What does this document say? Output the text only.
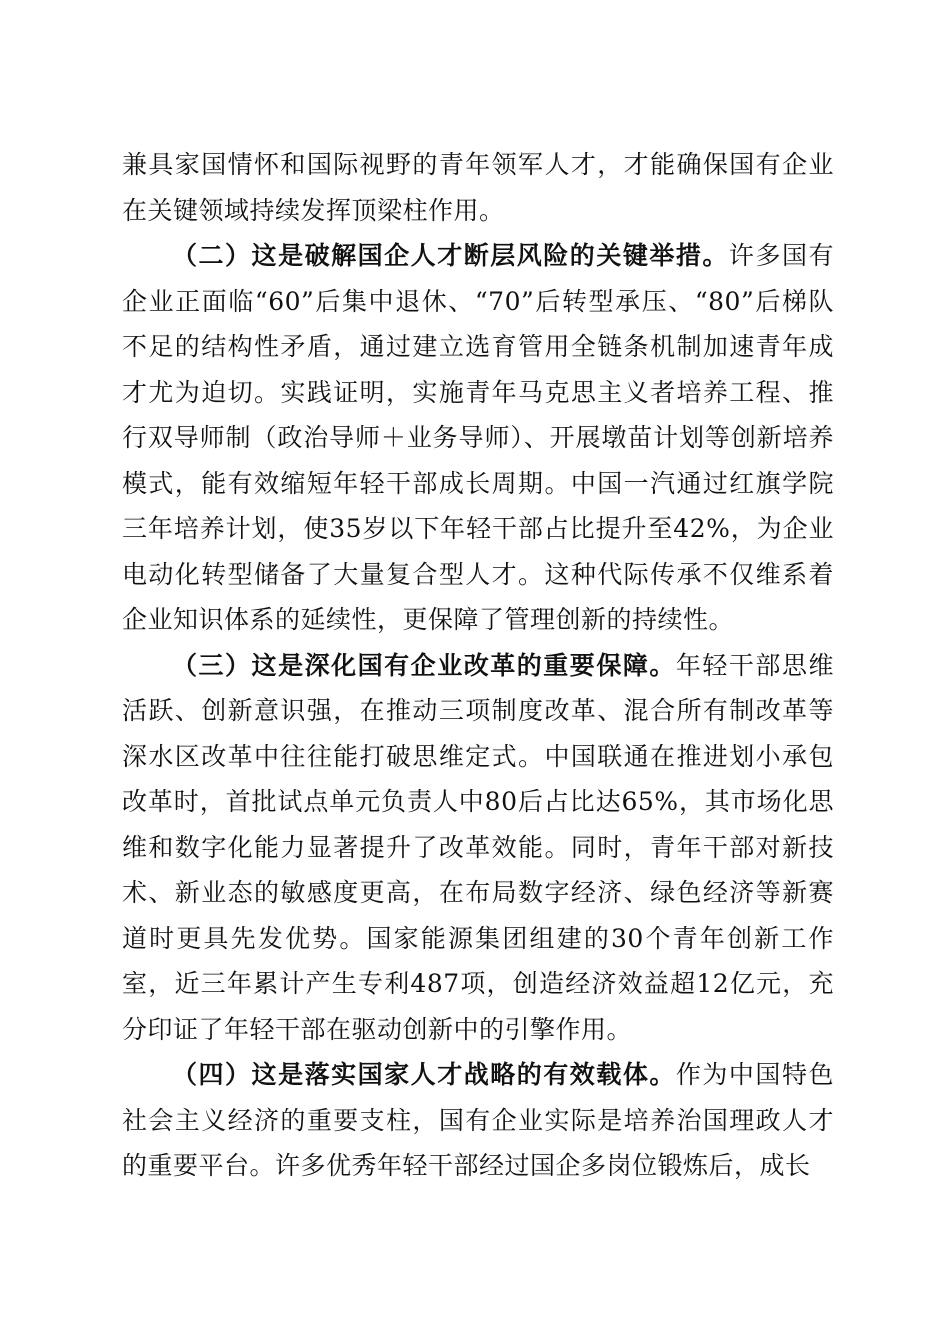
兼具家国情怀和国际视野的青年领军人才，才能确保国有企业在关键领域持续发挥顶梁柱作用。

（二）这是破解国企人才断层风险的关键举措。许多国有企业正面临“60”后集中退休、“70”后转型承压、“80”后梯队不足的结构性矛盾，通过建立选育管用全链条机制加速青年成才尤为迫切。实践证明，实施青年马克思主义者培养工程、推行双导师制（政治导师＋业务导师）、开展墩苗计划等创新培养模式，能有效缩短年轻干部成长周期。中国一汽通过红旗学院三年培养计划，使35岁以下年轻干部占比提升至42%，为企业电动化转型储备了大量复合型人才。这种代际传承不仅维系着企业知识体系的延续性，更保障了管理创新的持续性。

（三）这是深化国有企业改革的重要保障。年轻干部思维活跃、创新意识强，在推动三项制度改革、混合所有制改革等深水区改革中往往能打破思维定式。中国联通在推进划小承包改革时，首批试点单元负责人中80后占比达65%，其市场化思维和数字化能力显著提升了改革效能。同时，青年干部对新技术、新业态的敏感度更高，在布局数字经济、绿色经济等新赛道时更具先发优势。国家能源集团组建的30个青年创新工作室，近三年累计产生专利487项，创造经济效益超12亿元，充分印证了年轻干部在驱动创新中的引擎作用。

（四）这是落实国家人才战略的有效载体。作为中国特色社会主义经济的重要支柱，国有企业实际是培养治国理政人才的重要平台。许多优秀年轻干部经过国企多岗位锻炼后，成长
